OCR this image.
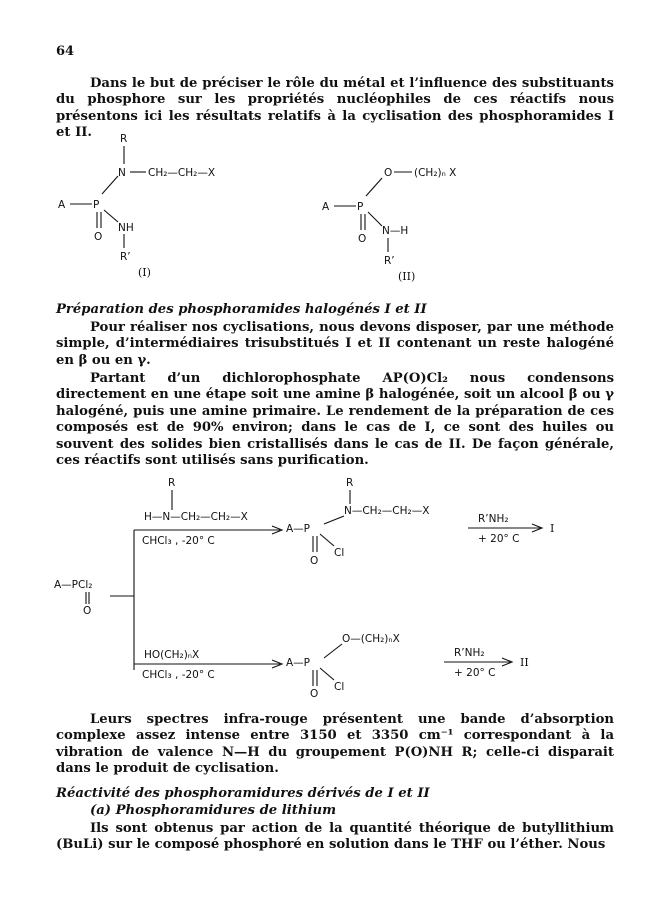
64
Dans le but de préciser le rôle du métal et l’influence des substituants du phosphore sur les propriétés nucléophiles de ces réactifs nous présentons ici les résultats relatifs à la cyclisation des phosphoramides I et II.	R
N CH₂—CH₂—X
A	P
O
NH
R’
(I)
O (CH₂)ₙ X
A	P
O
N—H
R’
(II)
Préparation des phosphoramides halogénés I et II

Pour réaliser nos cyclisations, nous devons disposer, par une méthode simple, d’intermédiaires trisubstitués I et II contenant un reste halogéné en β ou en γ.

Partant d’un dichlorophosphate AP(O)Cl₂ nous condensons directement en une étape soit une amine β halogénée, soit un alcool β ou γ halogéné, puis une amine primaire. Le rendement de la préparation de ces composés est de 90% environ; dans le cas de I, ce sont des huiles ou souvent des solides bien cristallisés dans le cas de II. De façon générale, ces réactifs sont utilisés sans purification.

A—PCl₂
O
R
H—N—CH₂—CH₂—X
CHCl₃ , -20° C
A—P
R
N—CH₂—CH₂—X
O
Cl
R’NH₂
+ 20° C
I
HO(CH₂)ₙX
CHCl₃ , -20° C
A—P
O—(CH₂)ₙX
O
Cl
R’NH₂
+ 20° C
II

Leurs spectres infra-rouge présentent une bande d’absorption complexe assez intense entre 3150 et 3350 cm⁻¹ correspondant à la vibration de valence N—H du groupement P(O)NH R; celle-ci disparait dans le produit de cyclisation.

Réactivité des phosphoramidures dérivés de I et II
(a) Phosphoramidures de lithium

Ils sont obtenus par action de la quantité théorique de butyllithium (BuLi) sur le composé phosphoré en solution dans le THF ou l’éther. Nous
